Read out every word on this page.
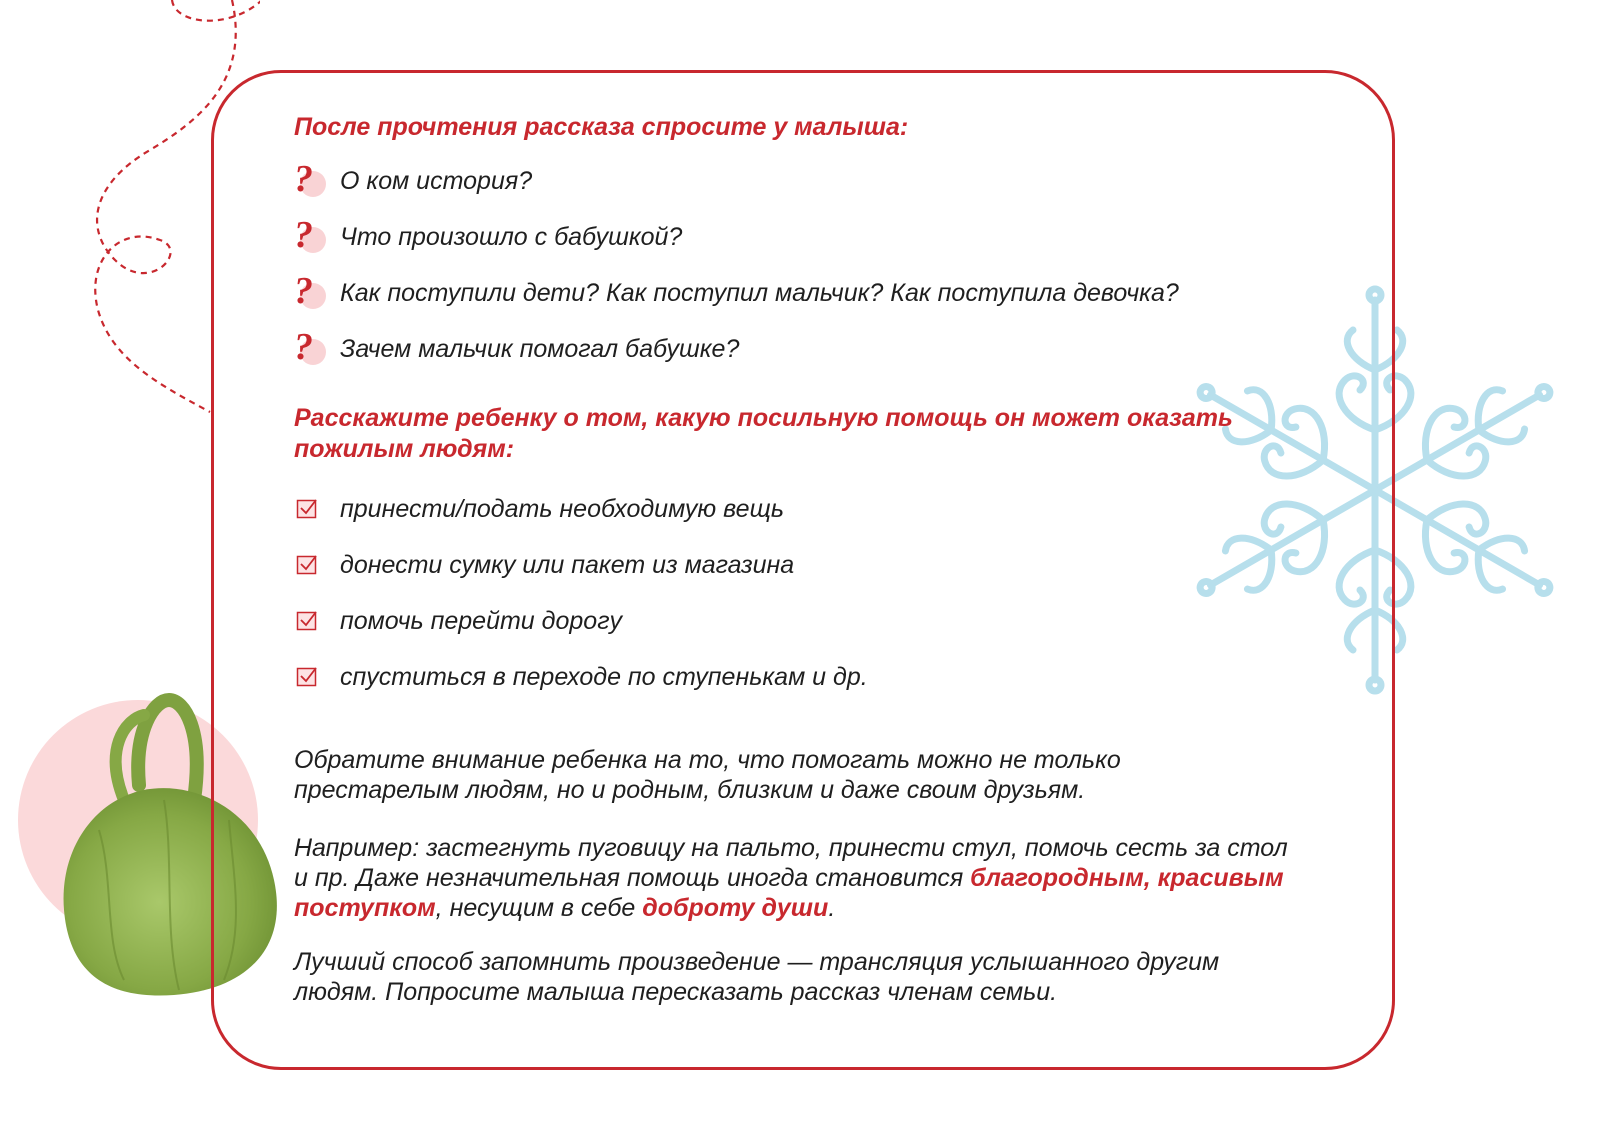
После прочтения рассказа спросите у малыша:

? О ком история?
? Что произошло с бабушкой?
? Как поступили дети? Как поступил мальчик? Как поступила девочка?
? Зачем мальчик помогал бабушке?

Расскажите ребенку о том, какую посильную помощь он может оказать пожилым людям:

принести/подать необходимую вещь
донести сумку или пакет из магазина
помочь перейти дорогу
спуститься в переходе по ступенькам и др.

Обратите внимание ребенка на то, что помогать можно не только престарелым людям, но и родным, близким и даже своим друзьям.

Например: застегнуть пуговицу на пальто, принести стул, помочь сесть за стол и пр. Даже незначительная помощь иногда становится благородным, красивым поступком, несущим в себе доброту души.

Лучший способ запомнить произведение — трансляция услышанного другим людям. Попросите малыша пересказать рассказ членам семьи.
